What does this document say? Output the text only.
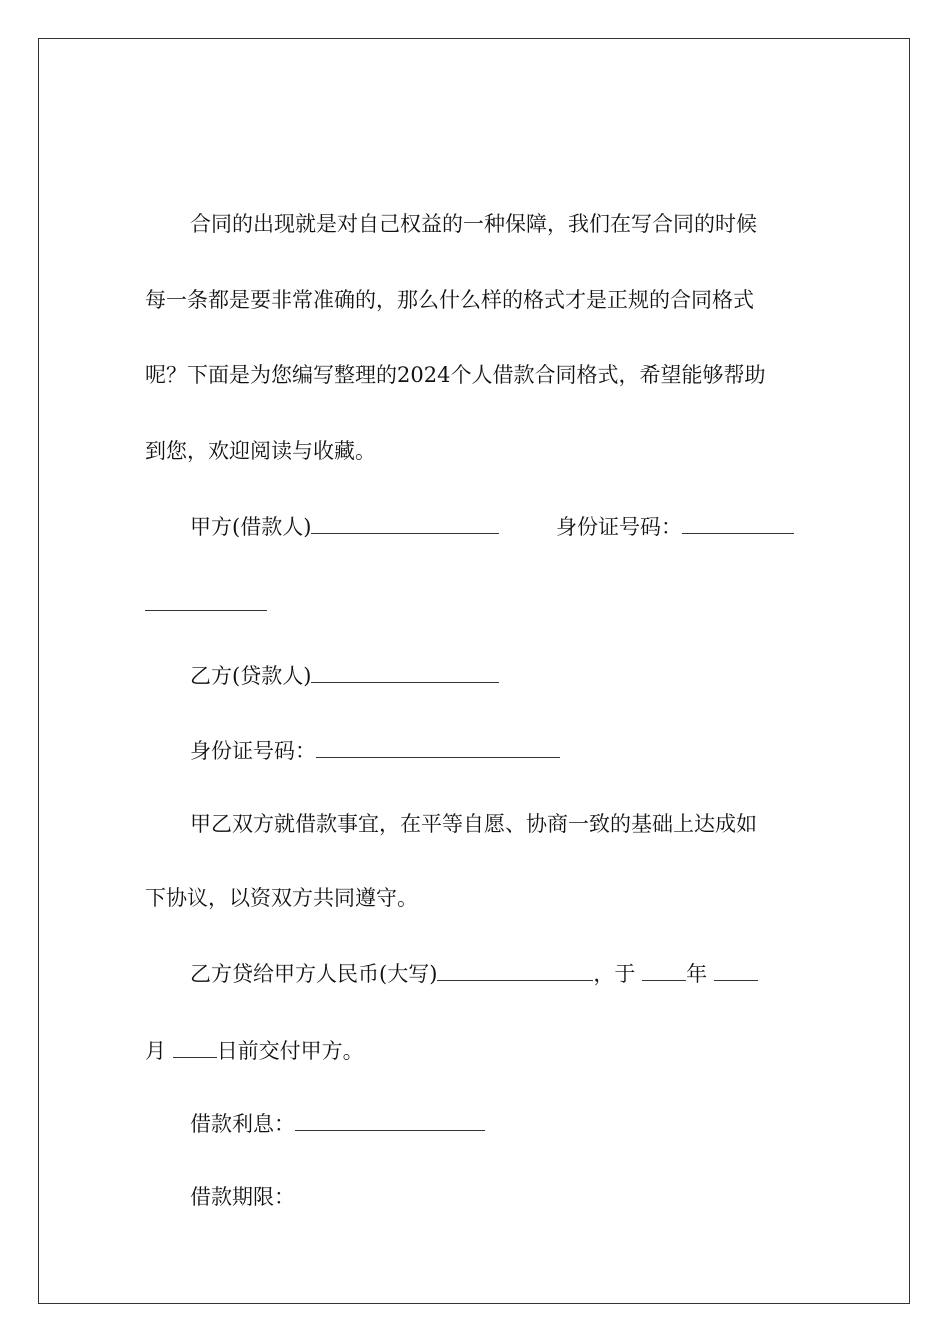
合同的出现就是对自己权益的一种保障，我们在写合同的时候
每一条都是要非常准确的，那么什么样的格式才是正规的合同格式
呢？下面是为您编写整理的2024个人借款合同格式，希望能够帮助
到您，欢迎阅读与收藏。
甲方(借款人)	身份证号码：
乙方(贷款人)
身份证号码：
甲乙双方就借款事宜，在平等自愿、协商一致的基础上达成如
下协议，以资双方共同遵守。
乙方贷给甲方人民币(大写)	，于 年
月 日前交付甲方。
借款利息：
借款期限：
